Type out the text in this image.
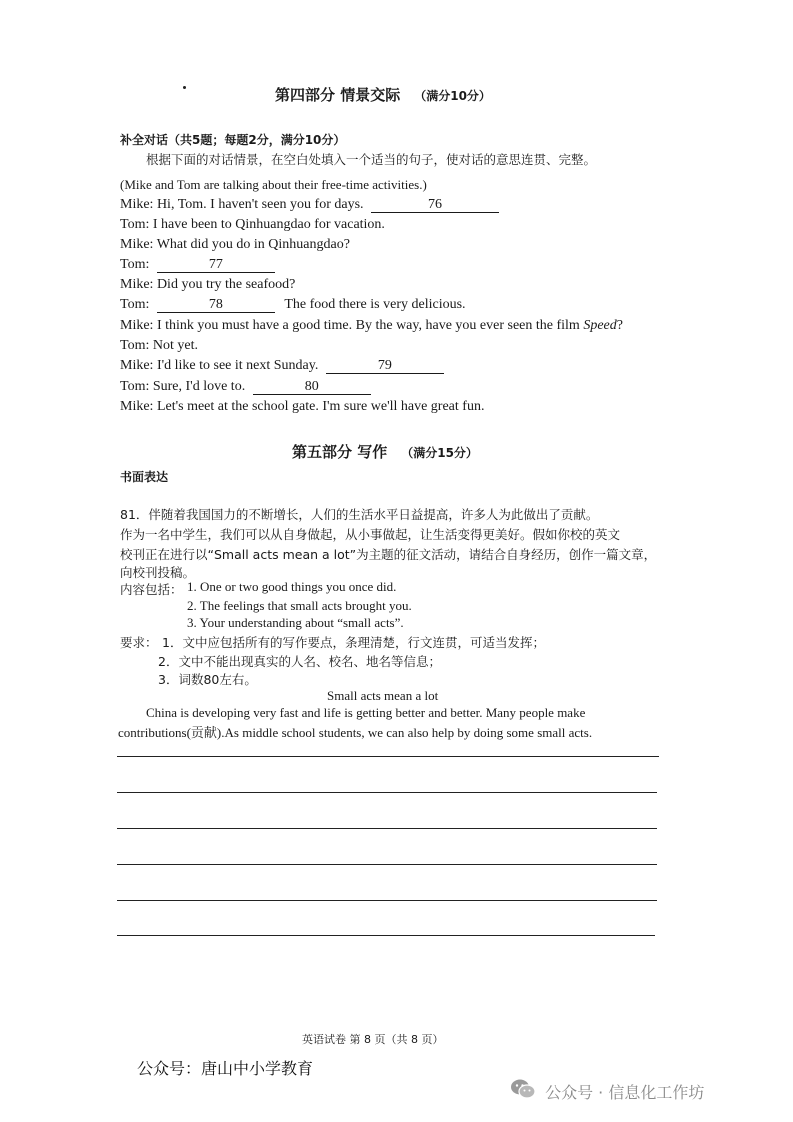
第四部分 情景交际 （满分10分）
补全对话（共5题；每题2分，满分10分）
根据下面的对话情景，在空白处填入一个适当的句子，使对话的意思连贯、完整。
(Mike and Tom are talking about their free-time activities.)
Mike: Hi, Tom. I haven't seen you for days.	76
Tom: I have been to Qinhuangdao for vacation.
Mike: What did you do in Qinhuangdao?
Tom:	77
Mike: Did you try the seafood?
Tom:	78	The food there is very delicious.
Mike: I think you must have a good time. By the way, have you ever seen the film Speed?
Tom: Not yet.
Mike: I'd like to see it next Sunday.	79
Tom: Sure, I'd love to.	80
Mike: Let's meet at the school gate. I'm sure we'll have great fun.
第五部分 写作 （满分15分）
书面表达
81．伴随着我国国力的不断增长，人们的生活水平日益提高，许多人为此做出了贡献。
作为一名中学生，我们可以从自身做起，从小事做起，让生活变得更美好。假如你校的英文
校刊正在进行以“Small acts mean a lot”为主题的征文活动，请结合自身经历，创作一篇文章，
向校刊投稿。
内容包括： 1. One or two good things you once did.
2. The feelings that small acts brought you.
3. Your understanding about “small acts”.
要求： 1．文中应包括所有的写作要点，条理清楚，行文连贯，可适当发挥；
2．文中不能出现真实的人名、校名、地名等信息；
3．词数80左右。
Small acts mean a lot
China is developing very fast and life is getting better and better. Many people make
contributions(贡献).As middle school students, we can also help by doing some small acts.
英语试卷 第 8 页（共 8 页）
公众号：唐山中小学教育
公众号 · 信息化工作坊
